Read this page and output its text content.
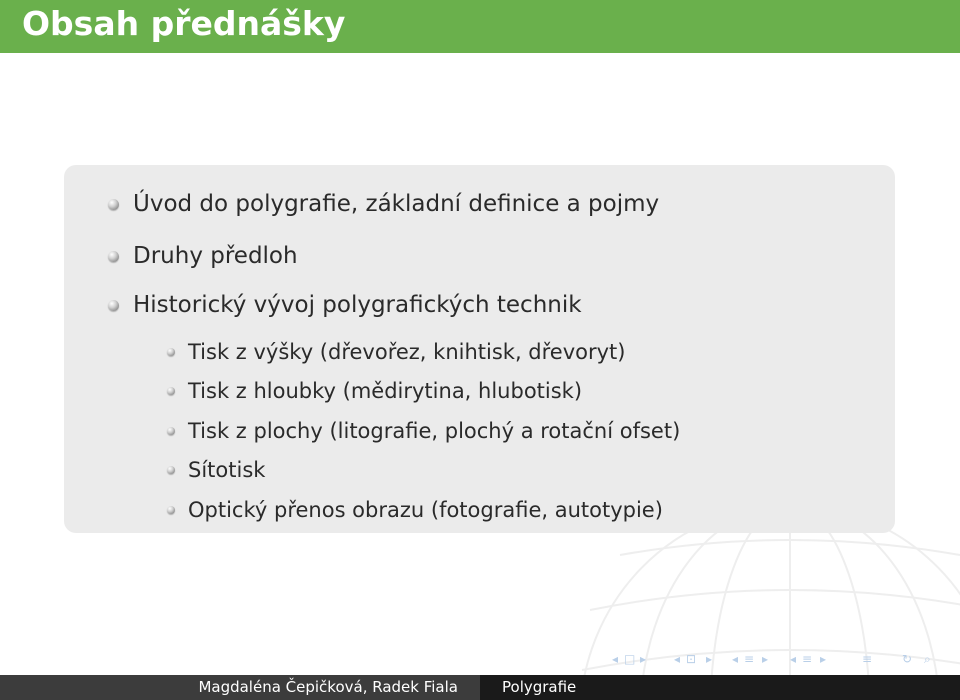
Obsah přednášky
Úvod do polygrafie, základní definice a pojmy
Druhy předloh
Historický vývoj polygrafických technik
Tisk z výšky (dřevořez, knihtisk, dřevoryt)
Tisk z hloubky (mědirytina, hlubotisk)
Tisk z plochy (litografie, plochý a rotační ofset)
Sítotisk
Optický přenos obrazu (fotografie, autotypie)
◂ □ ▸ ◂ ⊡ ▸ ◂ ≡ ▸ ◂ ≡ ▸	≡ ↻ ⌕
Magdaléna Čepičková, Radek Fiala	Polygrafie
